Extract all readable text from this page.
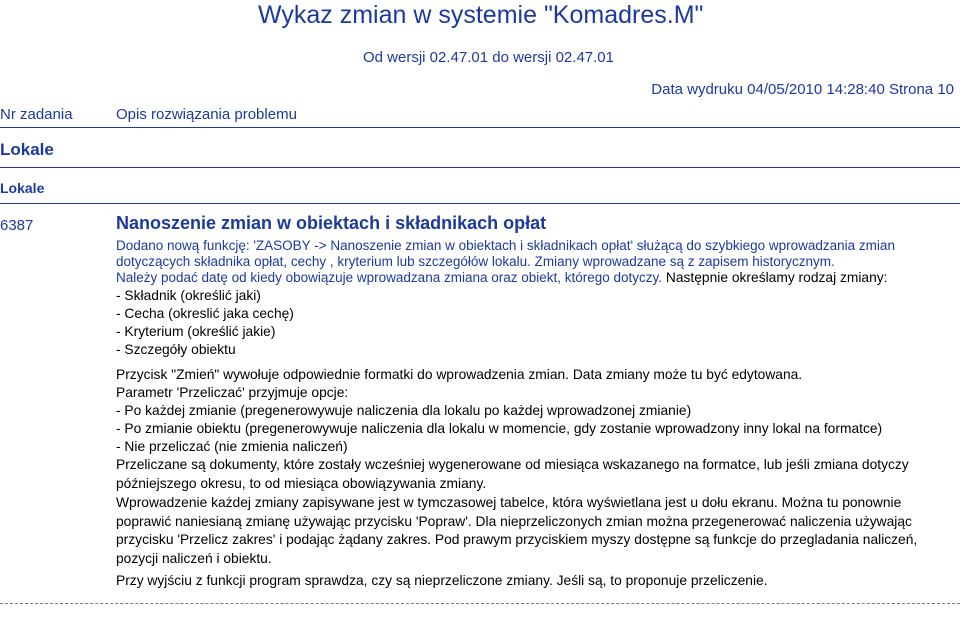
Wykaz zmian w systemie "Komadres.M"
Od wersji 02.47.01 do wersji 02.47.01
Data wydruku 04/05/2010 14:28:40 Strona 10
Nr zadania	Opis rozwiązania problemu
Lokale
Lokale
6387	Nanoszenie zmian w obiektach i składnikach opłat
Dodano nową funkcję: 'ZASOBY -> Nanoszenie zmian w obiektach i składnikach opłat' służącą do szybkiego wprowadzania zmian dotyczących składnika opłat, cechy , kryterium lub szczegółów lokalu. Zmiany wprowadzane są z zapisem historycznym.
Należy podać datę od kiedy obowiązuje wprowadzana zmiana oraz obiekt, którego dotyczy. Następnie określamy rodzaj zmiany:
- Składnik (określić jaki)
- Cecha (okreslić jaka cechę)
- Kryterium (określić jakie)
- Szczegóły obiektu
Przycisk "Zmień" wywołuje odpowiednie formatki do wprowadzenia zmian. Data zmiany może tu być edytowana.
Parametr 'Przeliczać' przyjmuje opcje:
- Po każdej zmianie (pregenerowywuje naliczenia dla lokalu po każdej wprowadzonej zmianie)
- Po zmianie obiektu (pregenerowywuje naliczenia dla lokalu w momencie, gdy zostanie wprowadzony inny lokal na formatce)
- Nie przeliczać (nie zmienia naliczeń)
Przeliczane są dokumenty, które zostały wcześniej wygenerowane od miesiąca wskazanego na formatce, lub jeśli zmiana dotyczy późniejszego okresu, to od miesiąca obowiązywania zmiany.
Wprowadzenie każdej zmiany zapisywane jest w tymczasowej tabelce, która wyświetlana jest u dołu ekranu. Można tu ponownie poprawić naniesianą zmianę używając przycisku 'Popraw'. Dla nieprzeliczonych zmian można przegenerować naliczenia używając przycisku 'Przelicz zakres' i podając żądany zakres. Pod prawym przyciskiem myszy dostępne są funkcje do przegladania naliczeń, pozycji naliczeń i obiektu.
Przy wyjściu z funkcji program sprawdza, czy są nieprzeliczone zmiany. Jeśli są, to proponuje przeliczenie.
